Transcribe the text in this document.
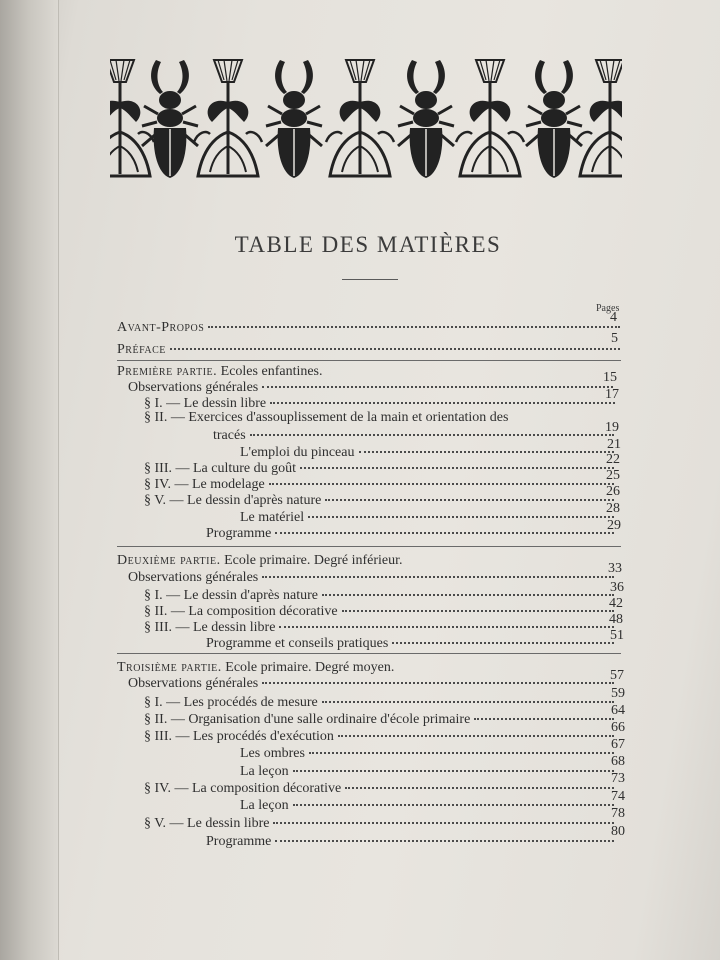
TABLE DES MATIÈRES
Pages
Avant-Propos
4
Préface
5
Première partie. Ecoles enfantines.
Observations générales
15
§ I. — Le dessin libre
17
§ II. — Exercices d'assouplissement de la main et orientation des
tracés
19
L'emploi du pinceau
21
§ III. — La culture du goût
22
§ IV. — Le modelage
25
§ V. — Le dessin d'après nature
26
Le matériel
28
Programme
29
Deuxième partie. Ecole primaire. Degré inférieur.
Observations générales
33
§ I. — Le dessin d'après nature
36
§ II. — La composition décorative
42
§ III. — Le dessin libre
48
Programme et conseils pratiques
51
Troisième partie. Ecole primaire. Degré moyen.
Observations générales
57
§ I. — Les procédés de mesure
59
§ II. — Organisation d'une salle ordinaire d'école primaire
64
§ III. — Les procédés d'exécution
66
Les ombres
67
La leçon
68
§ IV. — La composition décorative
73
La leçon
74
§ V. — Le dessin libre
78
Programme
80
